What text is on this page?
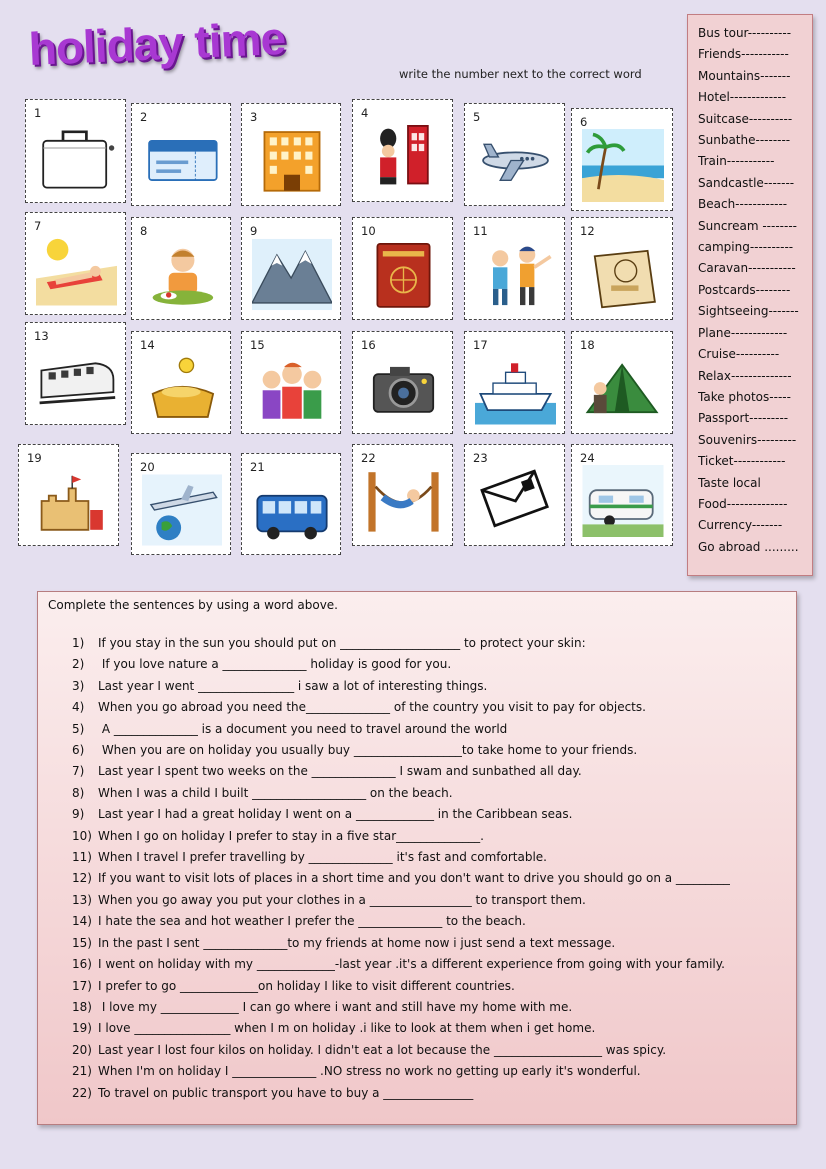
holiday time	write the number next to the correct word
1	2	3	4	5	6
7	8	9	10	11	12
13
14	15	16	17	18
19
20	21
22	23	24
Bus tour----------
Friends-----------
Mountains-------
Hotel-------------
Suitcase----------
Sunbathe--------
Train-----------
Sandcastle-------
Beach------------
Suncream --------
camping----------
Caravan-----------
Postcards--------
Sightseeing-------
Plane-------------
Cruise----------
Relax--------------
Take photos-----
Passport---------
Souvenirs---------
Ticket------------
Taste local
Food--------------
Currency-------
Go abroad .........
Complete the sentences by using a word above.
1) If you stay in the sun you should put on ____________________ to protect your skin:
2) If you love nature a ______________ holiday is good for you.
3) Last year I went ________________ i saw a lot of interesting things.
4) When you go abroad you need the______________ of the country you visit to pay for objects.
5) A ______________ is a document you need to travel around the world
6) When you are on holiday you usually buy __________________to take home to your friends.
7) Last year I spent two weeks on the ______________ I swam and sunbathed all day.
8) When I was a child I built ___________________ on the beach.
9) Last year I had a great holiday I went on a _____________ in the Caribbean seas.
10) When I go on holiday I prefer to stay in a five star______________.
11) When I travel I prefer travelling by ______________ it's fast and comfortable.
12) If you want to visit lots of places in a short time and you don't want to drive you should go on a _________
13) When you go away you put your clothes in a _________________ to transport them.
14) I hate the sea and hot weather I prefer the ______________ to the beach.
15) In the past I sent ______________to my friends at home now i just send a text message.
16) I went on holiday with my _____________-last year .it's a different experience from going with your family.
17) I prefer to go _____________on holiday I like to visit different countries.
18) I love my _____________ I can go where i want and still have my home with me.
19) I love ________________ when I m on holiday .i like to look at them when i get home.
20) Last year I lost four kilos on holiday. I didn't eat a lot because the __________________ was spicy.
21) When I'm on holiday I ______________ .NO stress no work no getting up early it's wonderful.
22) To travel on public transport you have to buy a _______________
